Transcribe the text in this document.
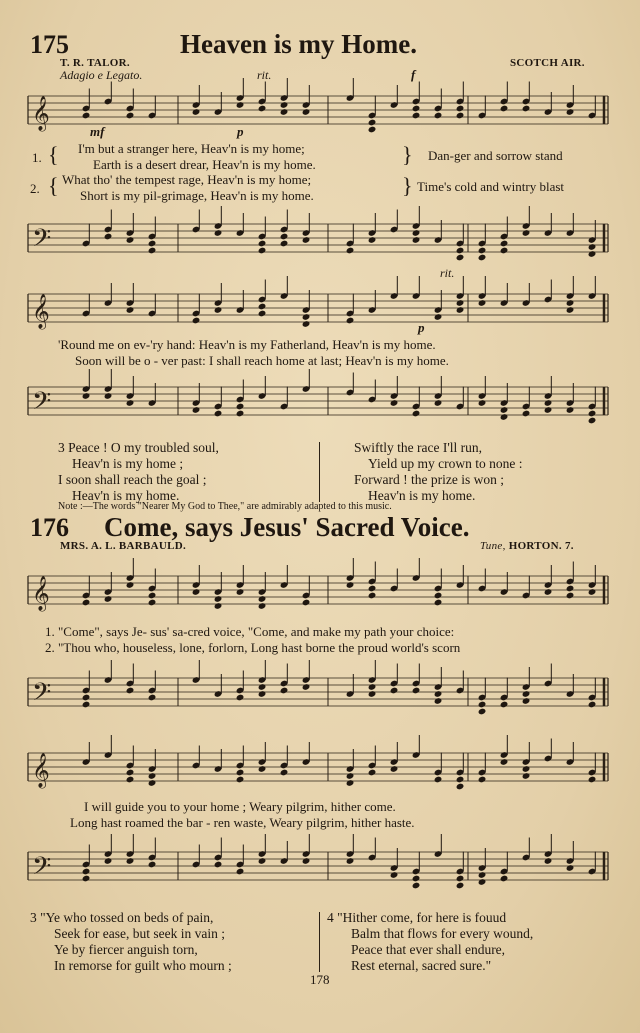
175	Heaven is my Home.
T. R. TALOR.	SCOTCH AIR.
Adagio e Legato.	rit.	f
𝄞
mf	p
1.
2.
{
{
I'm but a stranger here, Heav'n is my home;
Earth is a desert drear, Heav'n is my home.
What tho' the tempest rage, Heav'n is my home;
Short is my pil-grimage, Heav'n is my home.
}
}
Dan-ger and sorrow stand
Time's cold and wintry blast
𝄢
rit.
𝄞	p
'Round me on ev-'ry hand: Heav'n is my Fatherland, Heav'n is my home.
Soon will be o - ver past: I shall reach home at last; Heav'n is my home.
𝄢
3 Peace ! O my troubled soul,
Heav'n is my home ;
I soon shall reach the goal ;
Heav'n is my home.
Swiftly the race I'll run,
Yield up my crown to none :
Forward ! the prize is won ;
Heav'n is my home.
Note :—The words "Nearer My God to Thee," are admirably adapted to this music.
176 Come, says Jesus' Sacred Voice.
MRS. A. L. BARBAULD.	Tune, HORTON. 7.
𝄞
1. "Come", says Je- sus' sa-cred voice, "Come, and make my path your choice:
2. "Thou who, houseless, lone, forlorn, Long hast borne the proud world's scorn
𝄢
𝄞
I will guide you to your home ; Weary pilgrim, hither come.
Long hast roamed the bar - ren waste, Weary pilgrim, hither haste.
𝄢
3 "Ye who tossed on beds of pain,
Seek for ease, but seek in vain ;
Ye by fiercer anguish torn,
In remorse for guilt who mourn ;
4 "Hither come, for here is fouud
Balm that flows for every wound,
Peace that ever shall endure,
Rest eternal, sacred sure."
178
